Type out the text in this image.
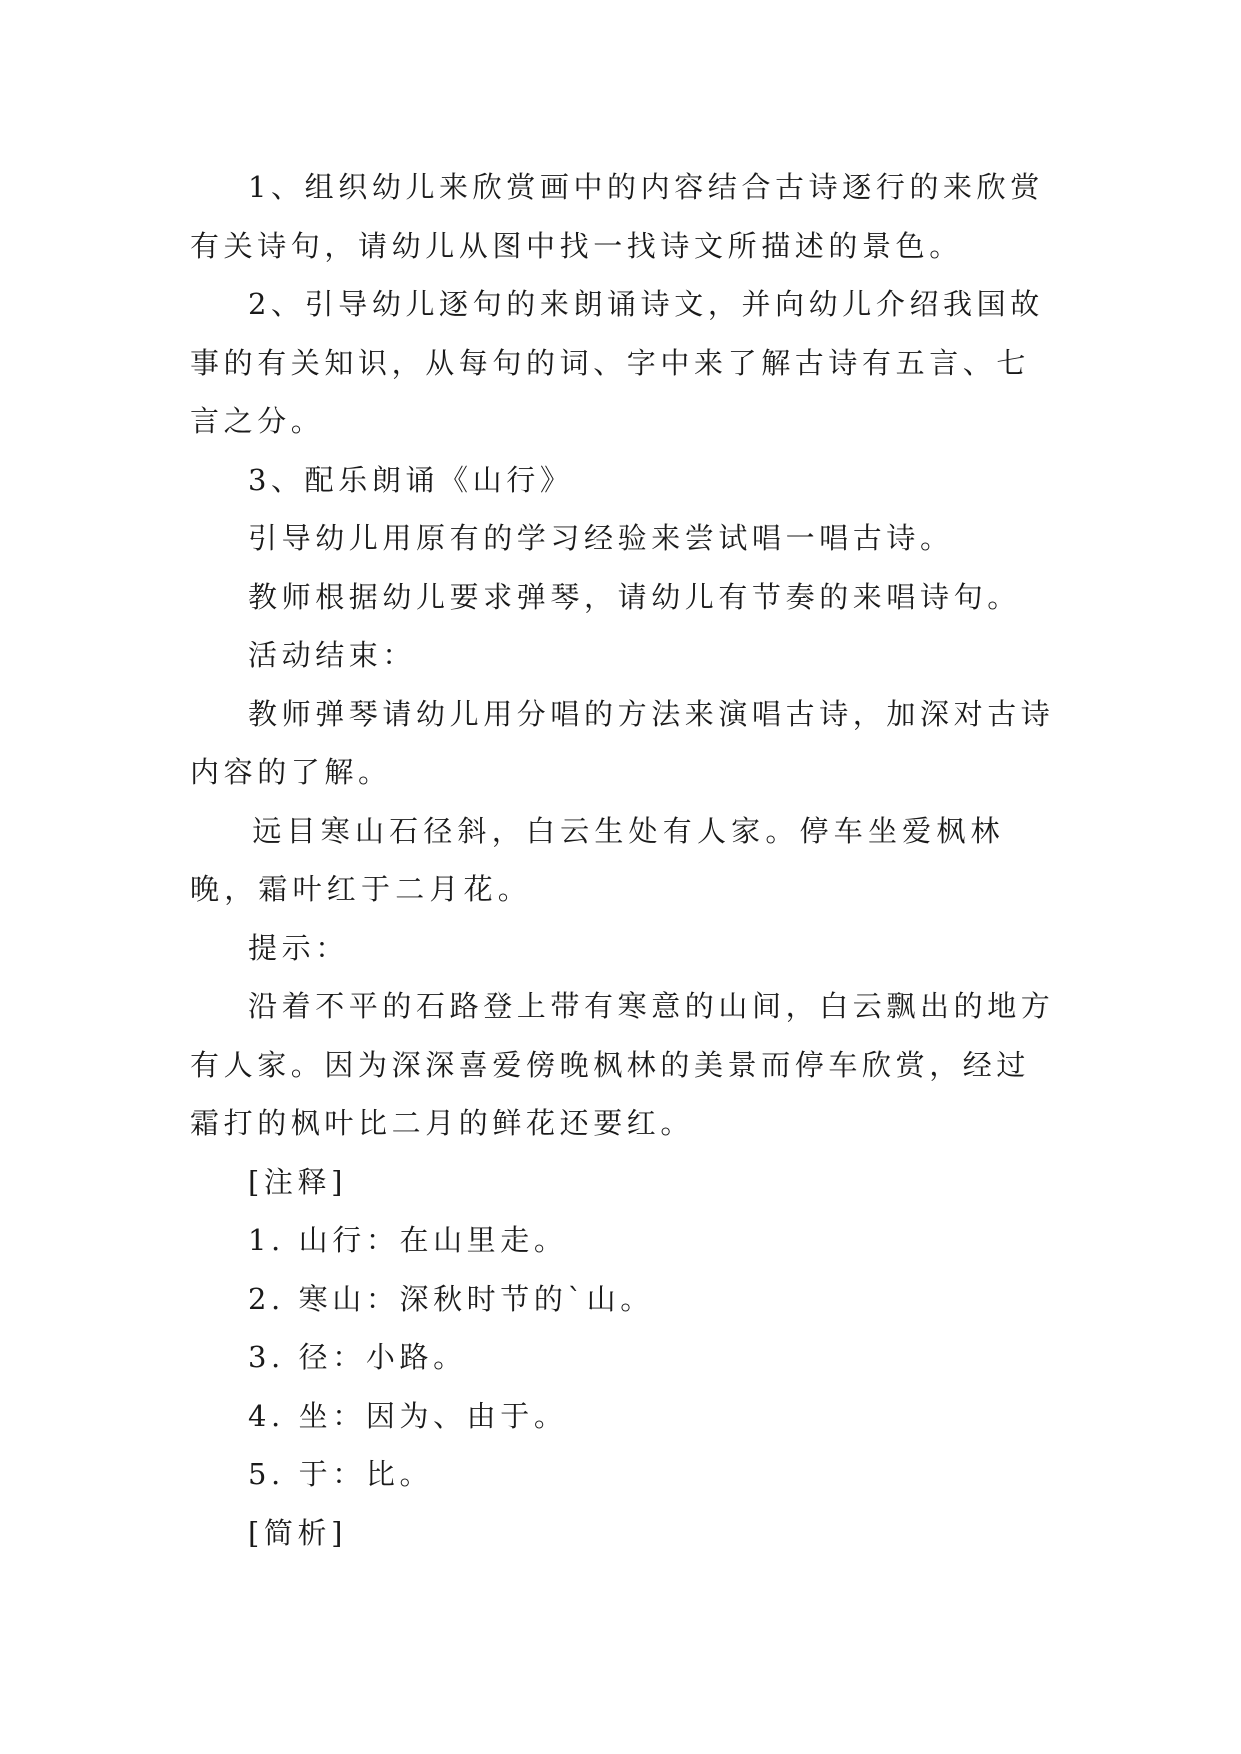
1、组织幼儿来欣赏画中的内容结合古诗逐行的来欣赏有关诗句，请幼儿从图中找一找诗文所描述的景色。

2、引导幼儿逐句的来朗诵诗文，并向幼儿介绍我国故事的有关知识，从每句的词、字中来了解古诗有五言、七言之分。

3、配乐朗诵《山行》

引导幼儿用原有的学习经验来尝试唱一唱古诗。

教师根据幼儿要求弹琴，请幼儿有节奏的来唱诗句。

活动结束：

教师弹琴请幼儿用分唱的方法来演唱古诗，加深对古诗内容的了解。

远目寒山石径斜，白云生处有人家。停车坐爱枫林晚，霜叶红于二月花。

提示：

沿着不平的石路登上带有寒意的山间，白云飘出的地方有人家。因为深深喜爱傍晚枫林的美景而停车欣赏，经过霜打的枫叶比二月的鲜花还要红。

[注释]

1. 山行：在山里走。

2. 寒山：深秋时节的`山。

3. 径：小路。

4. 坐：因为、由于。

5. 于：比。

[简析]
